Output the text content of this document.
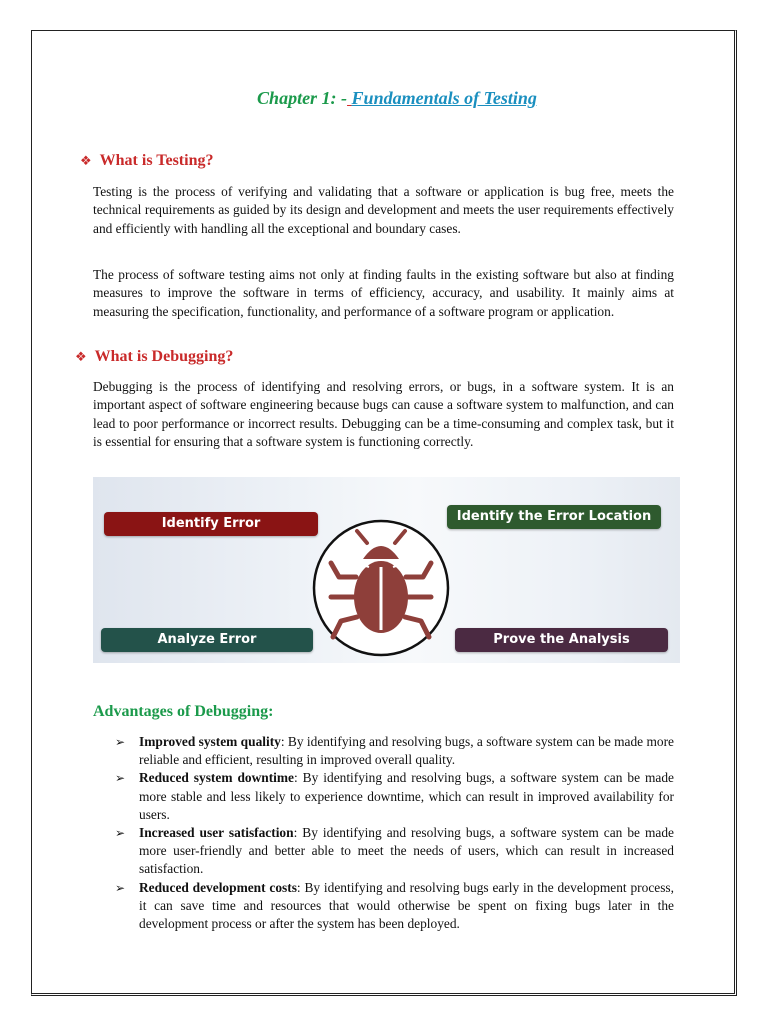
Chapter 1: - Fundamentals of Testing
❖ What is Testing?

Testing is the process of verifying and validating that a software or application is bug free, meets the technical requirements as guided by its design and development and meets the user requirements effectively and efficiently with handling all the exceptional and boundary cases.

The process of software testing aims not only at finding faults in the existing software but also at finding measures to improve the software in terms of efficiency, accuracy, and usability. It mainly aims at measuring the specification, functionality, and performance of a software program or application.

❖ What is Debugging?

Debugging is the process of identifying and resolving errors, or bugs, in a software system. It is an important aspect of software engineering because bugs can cause a software system to malfunction, and can lead to poor performance or incorrect results. Debugging can be a time-consuming and complex task, but it is essential for ensuring that a software system is functioning correctly.

Identify Error	Identify the Error Location
Analyze Error	Prove the Analysis
Advantages of Debugging:
➢ Improved system quality: By identifying and resolving bugs, a software system can be made more reliable and efficient, resulting in improved overall quality.
➢ Reduced system downtime: By identifying and resolving bugs, a software system can be made more stable and less likely to experience downtime, which can result in improved availability for users.
➢ Increased user satisfaction: By identifying and resolving bugs, a software system can be made more user-friendly and better able to meet the needs of users, which can result in increased satisfaction.
➢ Reduced development costs: By identifying and resolving bugs early in the development process, it can save time and resources that would otherwise be spent on fixing bugs later in the development process or after the system has been deployed.
